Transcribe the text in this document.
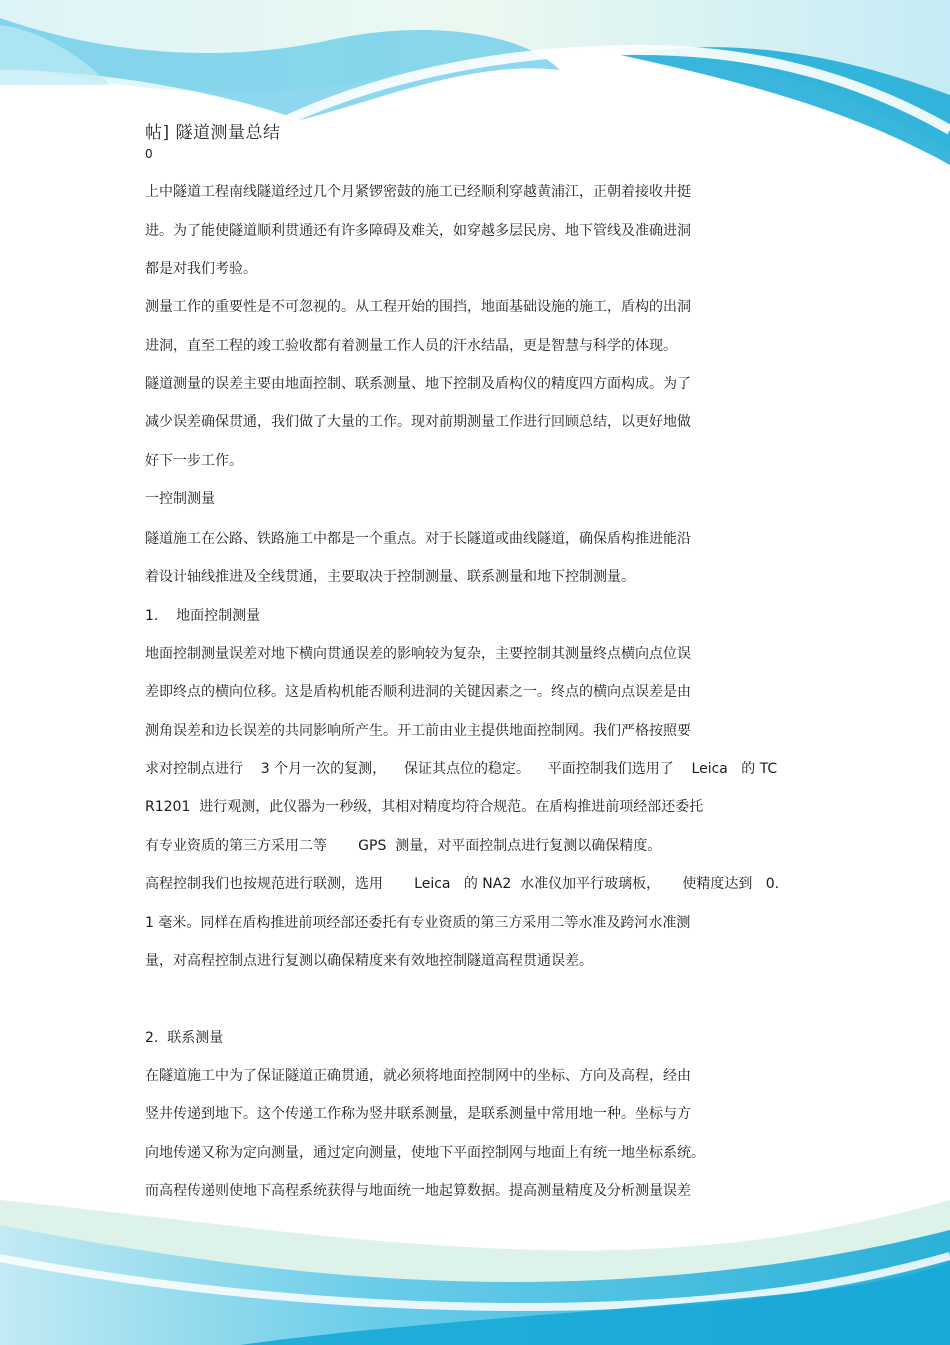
帖] 隧道测量总结
0
上中隧道工程南线隧道经过几个月紧锣密鼓的施工已经顺利穿越黄浦江，正朝着接收井挺
进。为了能使隧道顺利贯通还有许多障碍及难关，如穿越多层民房、地下管线及准确进洞
都是对我们考验。
测量工作的重要性是不可忽视的。从工程开始的围挡，地面基础设施的施工，盾构的出洞
进洞，直至工程的竣工验收都有着测量工作人员的汗水结晶，更是智慧与科学的体现。
隧道测量的误差主要由地面控制、联系测量、地下控制及盾构仪的精度四方面构成。为了
减少误差确保贯通，我们做了大量的工作。现对前期测量工作进行回顾总结，以更好地做
好下一步工作。
一控制测量
隧道施工在公路、铁路施工中都是一个重点。对于长隧道或曲线隧道，确保盾构推进能沿
着设计轴线推进及全线贯通，主要取决于控制测量、联系测量和地下控制测量。
1.    地面控制测量
地面控制测量误差对地下横向贯通误差的影响较为复杂，主要控制其测量终点横向点位误
差即终点的横向位移。这是盾构机能否顺利进洞的关键因素之一。终点的横向点误差是由
测角误差和边长误差的共同影响所产生。开工前由业主提供地面控制网。我们严格按照要
求对控制点进行    3 个月一次的复测，    保证其点位的稳定。    平面控制我们选用了    Leica   的 TC
R1201  进行观测，此仪器为一秒级，其相对精度均符合规范。在盾构推进前项经部还委托
有专业资质的第三方采用二等       GPS  测量，对平面控制点进行复测以确保精度。
高程控制我们也按规范进行联测，选用       Leica   的 NA2  水准仪加平行玻璃板，     使精度达到   0.
1 毫米。同样在盾构推进前项经部还委托有专业资质的第三方采用二等水准及跨河水准测
量，对高程控制点进行复测以确保精度来有效地控制隧道高程贯通误差。
2.  联系测量
在隧道施工中为了保证隧道正确贯通，就必须将地面控制网中的坐标、方向及高程，经由
竖井传递到地下。这个传递工作称为竖井联系测量，是联系测量中常用地一种。坐标与方
向地传递又称为定向测量，通过定向测量，使地下平面控制网与地面上有统一地坐标系统。
而高程传递则使地下高程系统获得与地面统一地起算数据。提高测量精度及分析测量误差
